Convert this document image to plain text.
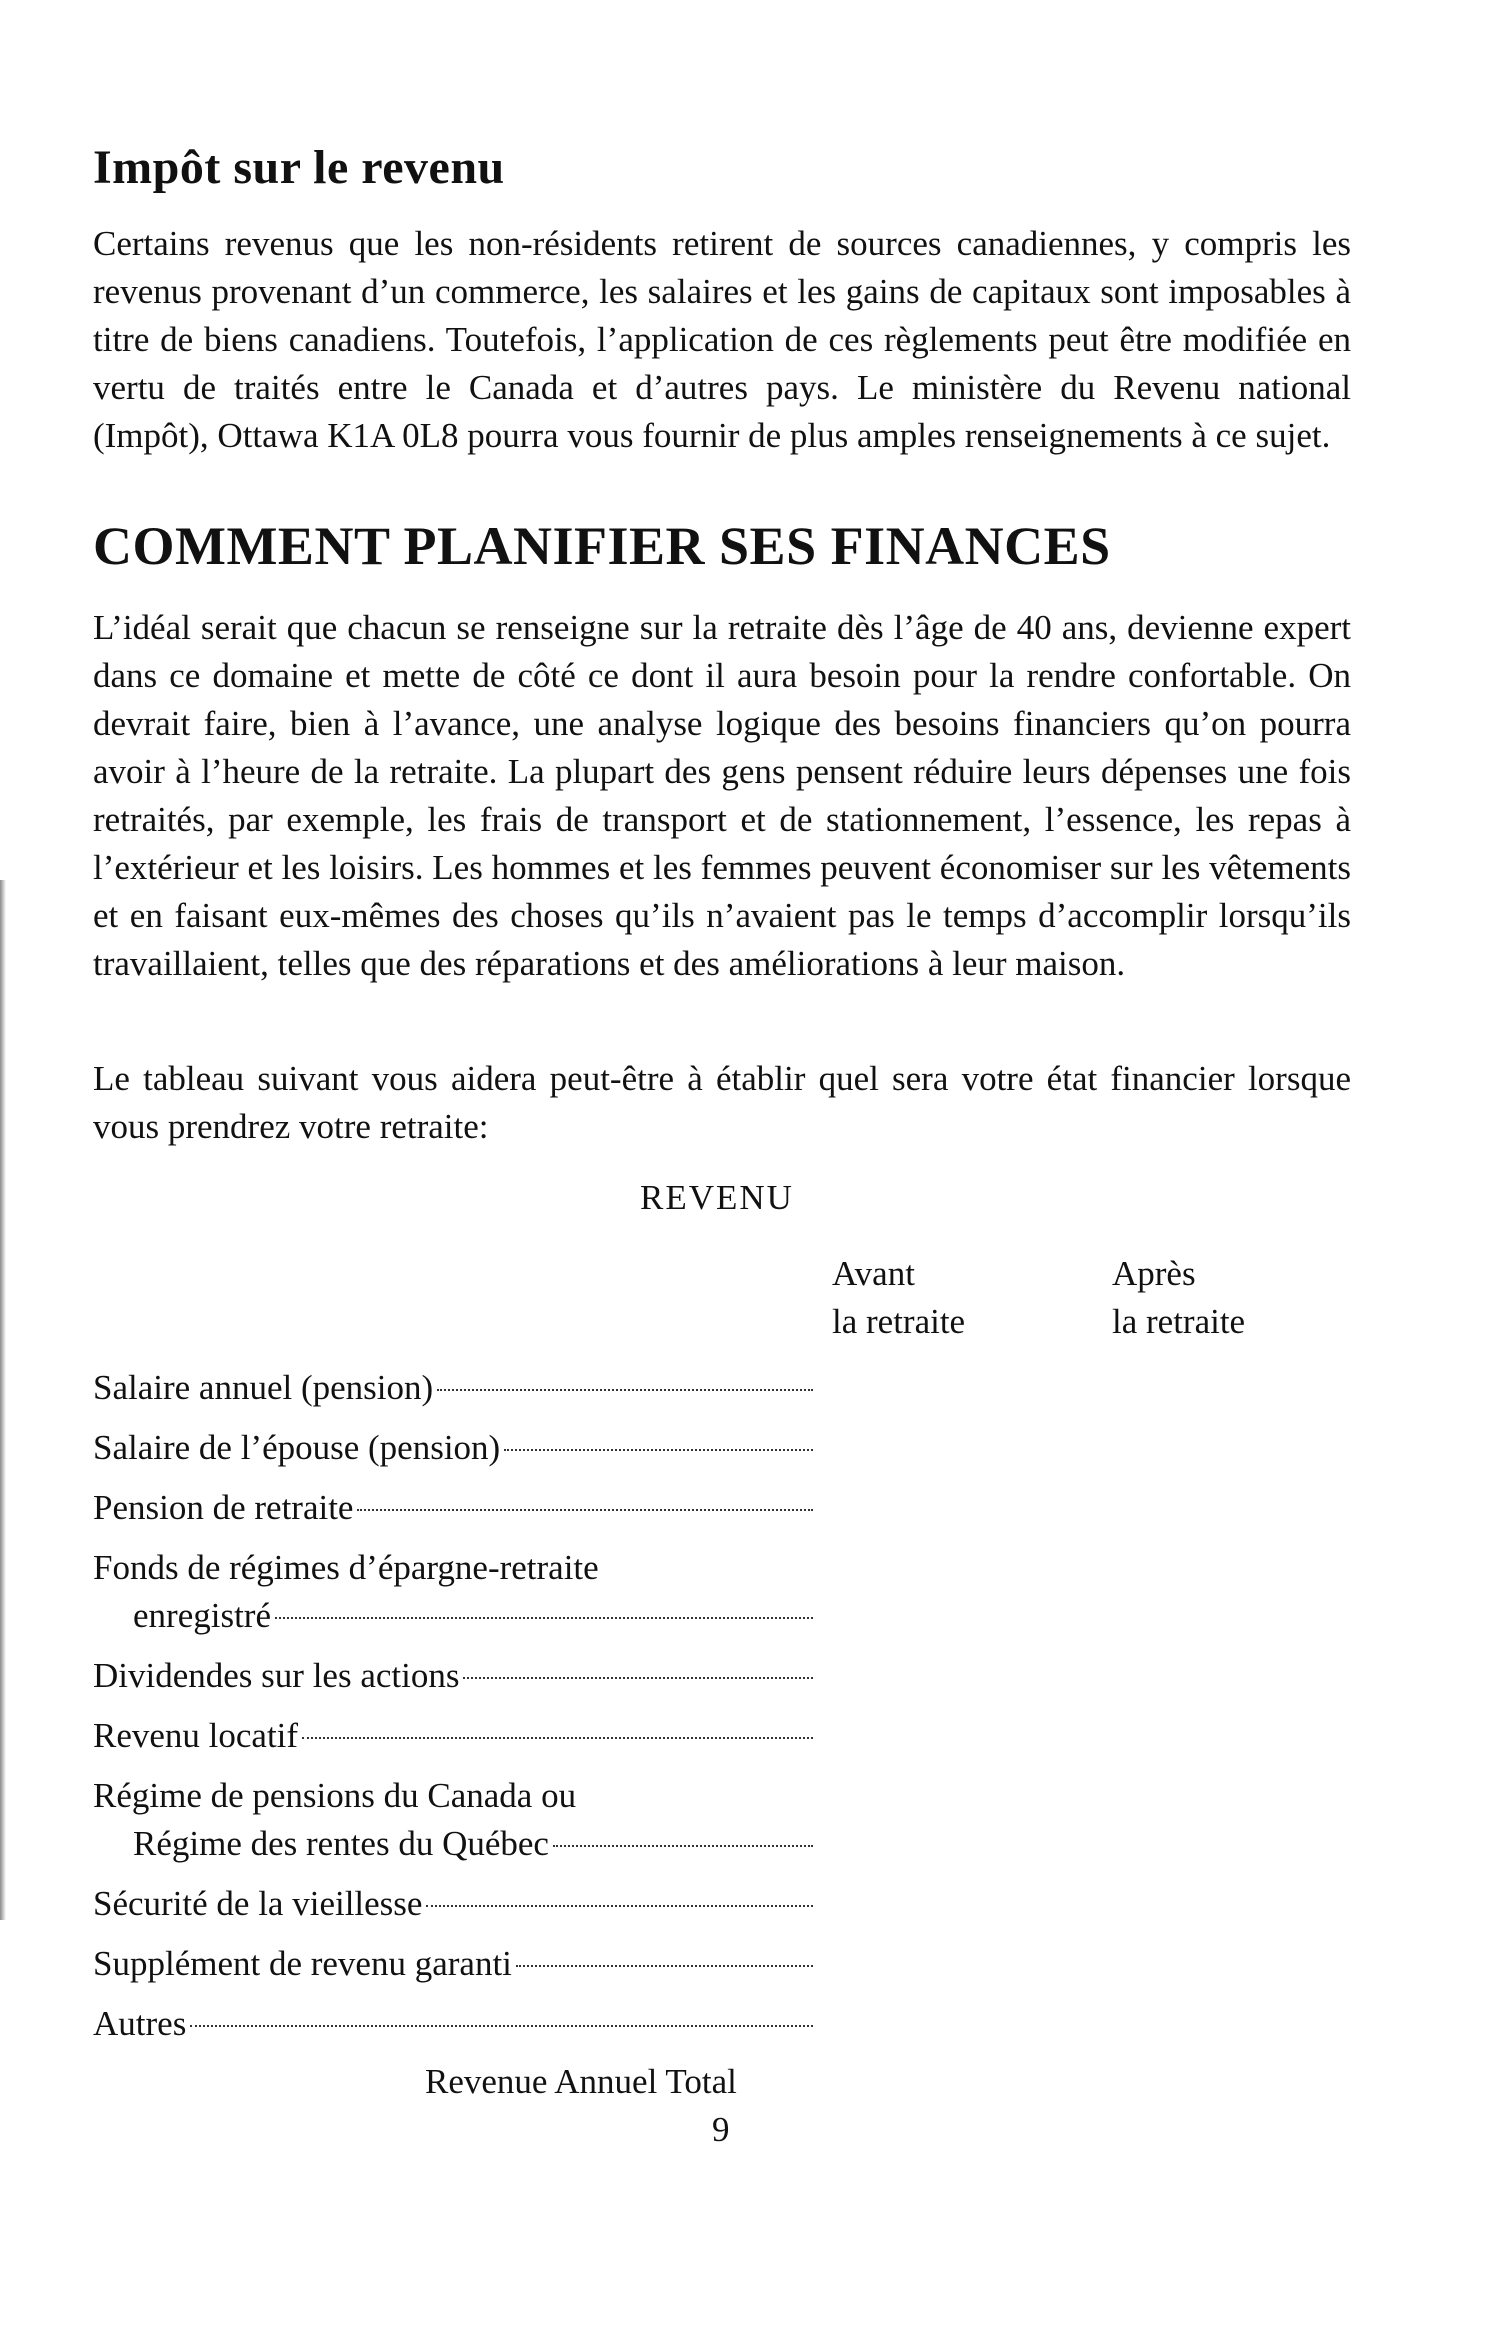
Impôt sur le revenu
Certains revenus que les non-résidents retirent de sources canadiennes, y compris les revenus provenant d’un commerce, les salaires et les gains de capitaux sont imposables à titre de biens canadiens. Toutefois, l’application de ces règlements peut être modifiée en vertu de traités entre le Canada et d’autres pays. Le ministère du Revenu national (Impôt), Ottawa K1A 0L8 pourra vous fournir de plus amples renseignements à ce sujet.
COMMENT PLANIFIER SES FINANCES
L’idéal serait que chacun se renseigne sur la retraite dès l’âge de 40 ans, devienne expert dans ce domaine et mette de côté ce dont il aura besoin pour la rendre confortable. On devrait faire, bien à l’avance, une analyse logique des besoins financiers qu’on pourra avoir à l’heure de la retraite. La plupart des gens pensent réduire leurs dépenses une fois retraités, par exemple, les frais de transport et de stationnement, l’essence, les repas à l’extérieur et les loisirs. Les hommes et les femmes peuvent économiser sur les vêtements et en faisant eux-mêmes des choses qu’ils n’avaient pas le temps d’accomplir lorsqu’ils travaillaient, telles que des réparations et des améliorations à leur maison.
Le tableau suivant vous aidera peut-être à établir quel sera votre état financier lorsque vous prendrez votre retraite:
REVENU
Avant
la retraite
Après
la retraite
Salaire annuel (pension)
Salaire de l’épouse (pension)
Pension de retraite
Fonds de régimes d’épargne-retraite
enregistré
Dividendes sur les actions
Revenu locatif
Régime de pensions du Canada ou
Régime des rentes du Québec
Sécurité de la vieillesse
Supplément de revenu garanti
Autres
Revenue Annuel Total
9
